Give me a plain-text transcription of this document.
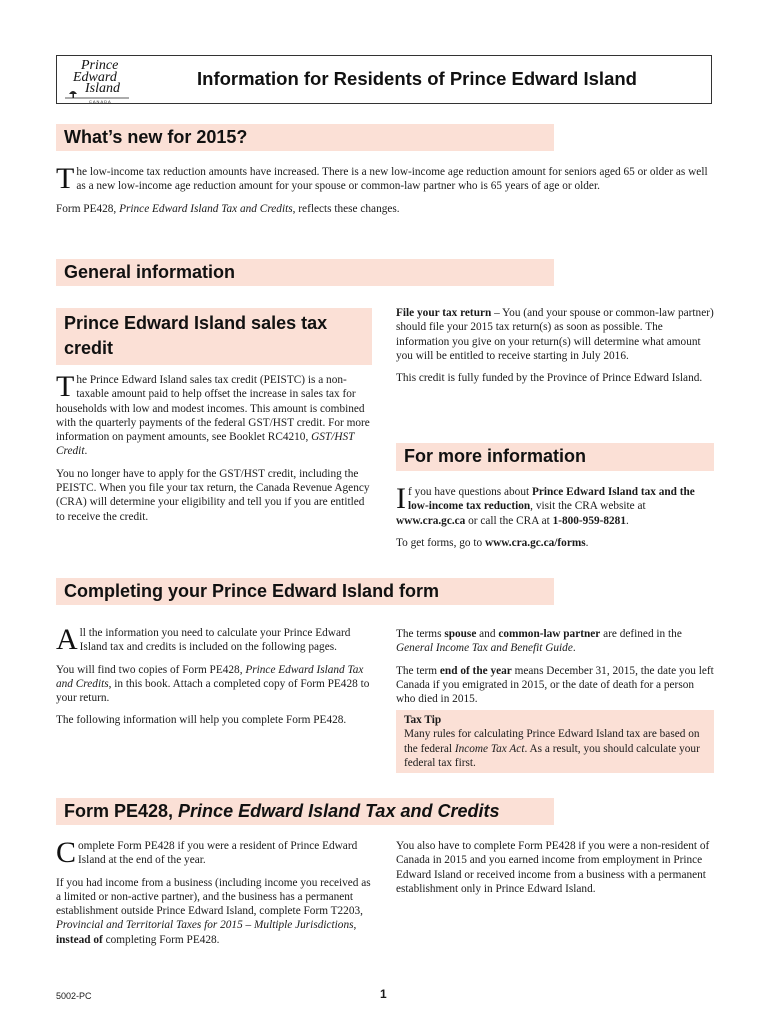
Prince
Edward
Island
CANADA
Information for Residents of Prince Edward Island
What’s new for 2015?

The low-income tax reduction amounts have increased. There is a new low-income age reduction amount for seniors aged 65 or older as well as a new low-income age reduction amount for your spouse or common-law partner who is 65 years of age or older.

Form PE428, Prince Edward Island Tax and Credits, reflects these changes.

General information
Prince Edward Island sales tax credit

The Prince Edward Island sales tax credit (PEISTC) is a non-taxable amount paid to help offset the increase in sales tax for households with low and modest incomes. This amount is combined with the quarterly payments of the federal GST/HST credit. For more information on payment amounts, see Booklet RC4210, GST/HST Credit.

You no longer have to apply for the GST/HST credit, including the PEISTC. When you file your tax return, the Canada Revenue Agency (CRA) will determine your eligibility and tell you if you are entitled to receive the credit.

File your tax return – You (and your spouse or common-law partner) should file your 2015 tax return(s) as soon as possible. The information you give on your return(s) will determine what amount you will be entitled to receive starting in July 2016.

This credit is fully funded by the Province of Prince Edward Island.

For more information

If you have questions about Prince Edward Island tax and the low-income tax reduction, visit the CRA website at www.cra.gc.ca or call the CRA at 1-800-959-8281.

To get forms, go to www.cra.gc.ca/forms.

Completing your Prince Edward Island form

All the information you need to calculate your Prince Edward Island tax and credits is included on the following pages.

You will find two copies of Form PE428, Prince Edward Island Tax and Credits, in this book. Attach a completed copy of Form PE428 to your return.

The following information will help you complete Form PE428.

The terms spouse and common-law partner are defined in the General Income Tax and Benefit Guide.

The term end of the year means December 31, 2015, the date you left Canada if you emigrated in 2015, or the date of death for a person who died in 2015.

Tax Tip
Many rules for calculating Prince Edward Island tax are based on the federal Income Tax Act. As a result, you should calculate your federal tax first.
Form PE428, Prince Edward Island Tax and Credits

Complete Form PE428 if you were a resident of Prince Edward Island at the end of the year.

If you had income from a business (including income you received as a limited or non-active partner), and the business has a permanent establishment outside Prince Edward Island, complete Form T2203, Provincial and Territorial Taxes for 2015 – Multiple Jurisdictions, instead of completing Form PE428.

You also have to complete Form PE428 if you were a non-resident of Canada in 2015 and you earned income from employment in Prince Edward Island or received income from a business with a permanent establishment only in Prince Edward Island.
5002-PC	1
